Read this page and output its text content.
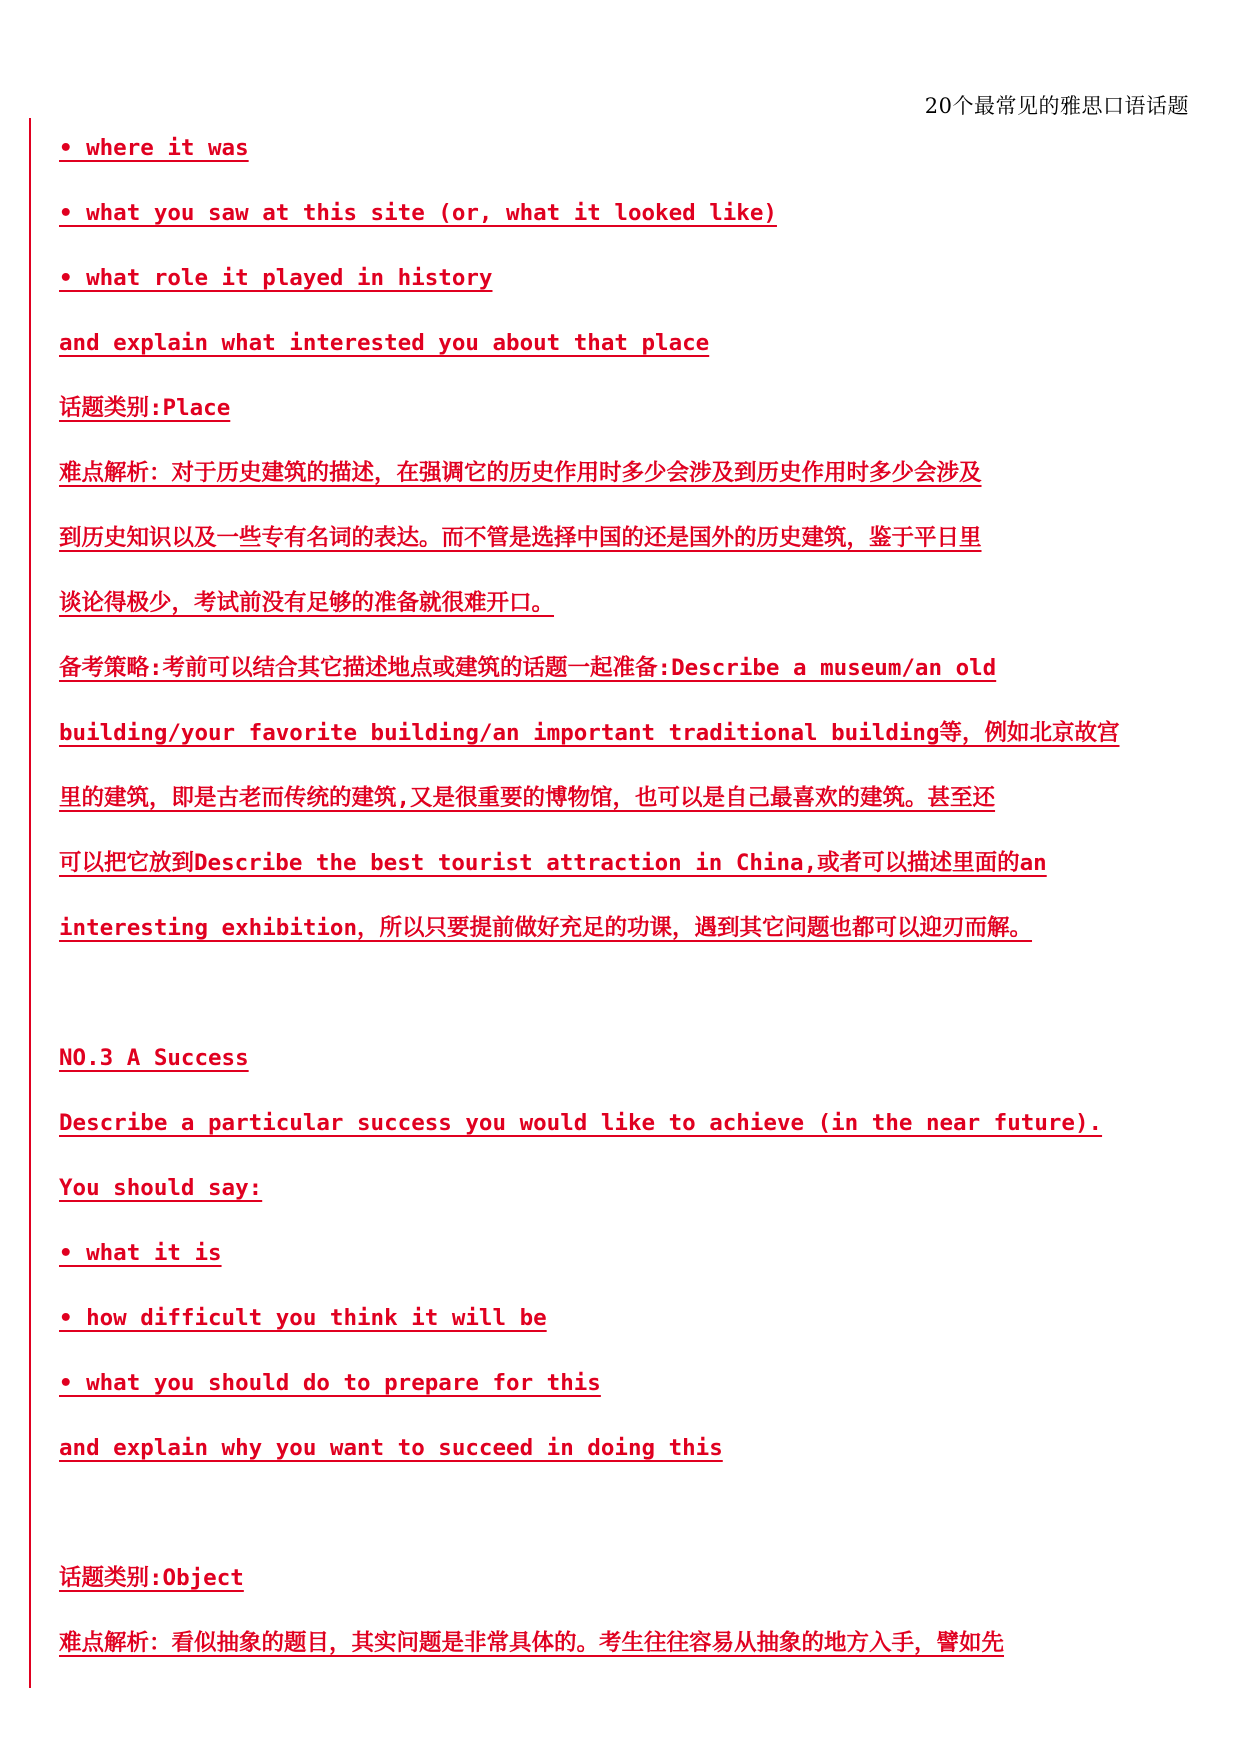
20个最常见的雅思口语话题
• where it was
• what you saw at this site (or, what it looked like)
• what role it played in history
and explain what interested you about that place
话题类别:Place
难点解析：对于历史建筑的描述，在强调它的历史作用时多少会涉及到历史作用时多少会涉及
到历史知识以及一些专有名词的表达。而不管是选择中国的还是国外的历史建筑，鉴于平日里
谈论得极少，考试前没有足够的准备就很难开口。
备考策略:考前可以结合其它描述地点或建筑的话题一起准备:Describe a museum/an old
building/your favorite building/an important traditional building等，例如北京故宫
里的建筑，即是古老而传统的建筑,又是很重要的博物馆，也可以是自己最喜欢的建筑。甚至还
可以把它放到Describe the best tourist attraction in China,或者可以描述里面的an
interesting exhibition，所以只要提前做好充足的功课，遇到其它问题也都可以迎刃而解。
NO.3 A Success
Describe a particular success you would like to achieve (in the near future).
You should say:
• what it is
• how difficult you think it will be
• what you should do to prepare for this
and explain why you want to succeed in doing this
话题类别:Object
难点解析：看似抽象的题目，其实问题是非常具体的。考生往往容易从抽象的地方入手，譬如先
